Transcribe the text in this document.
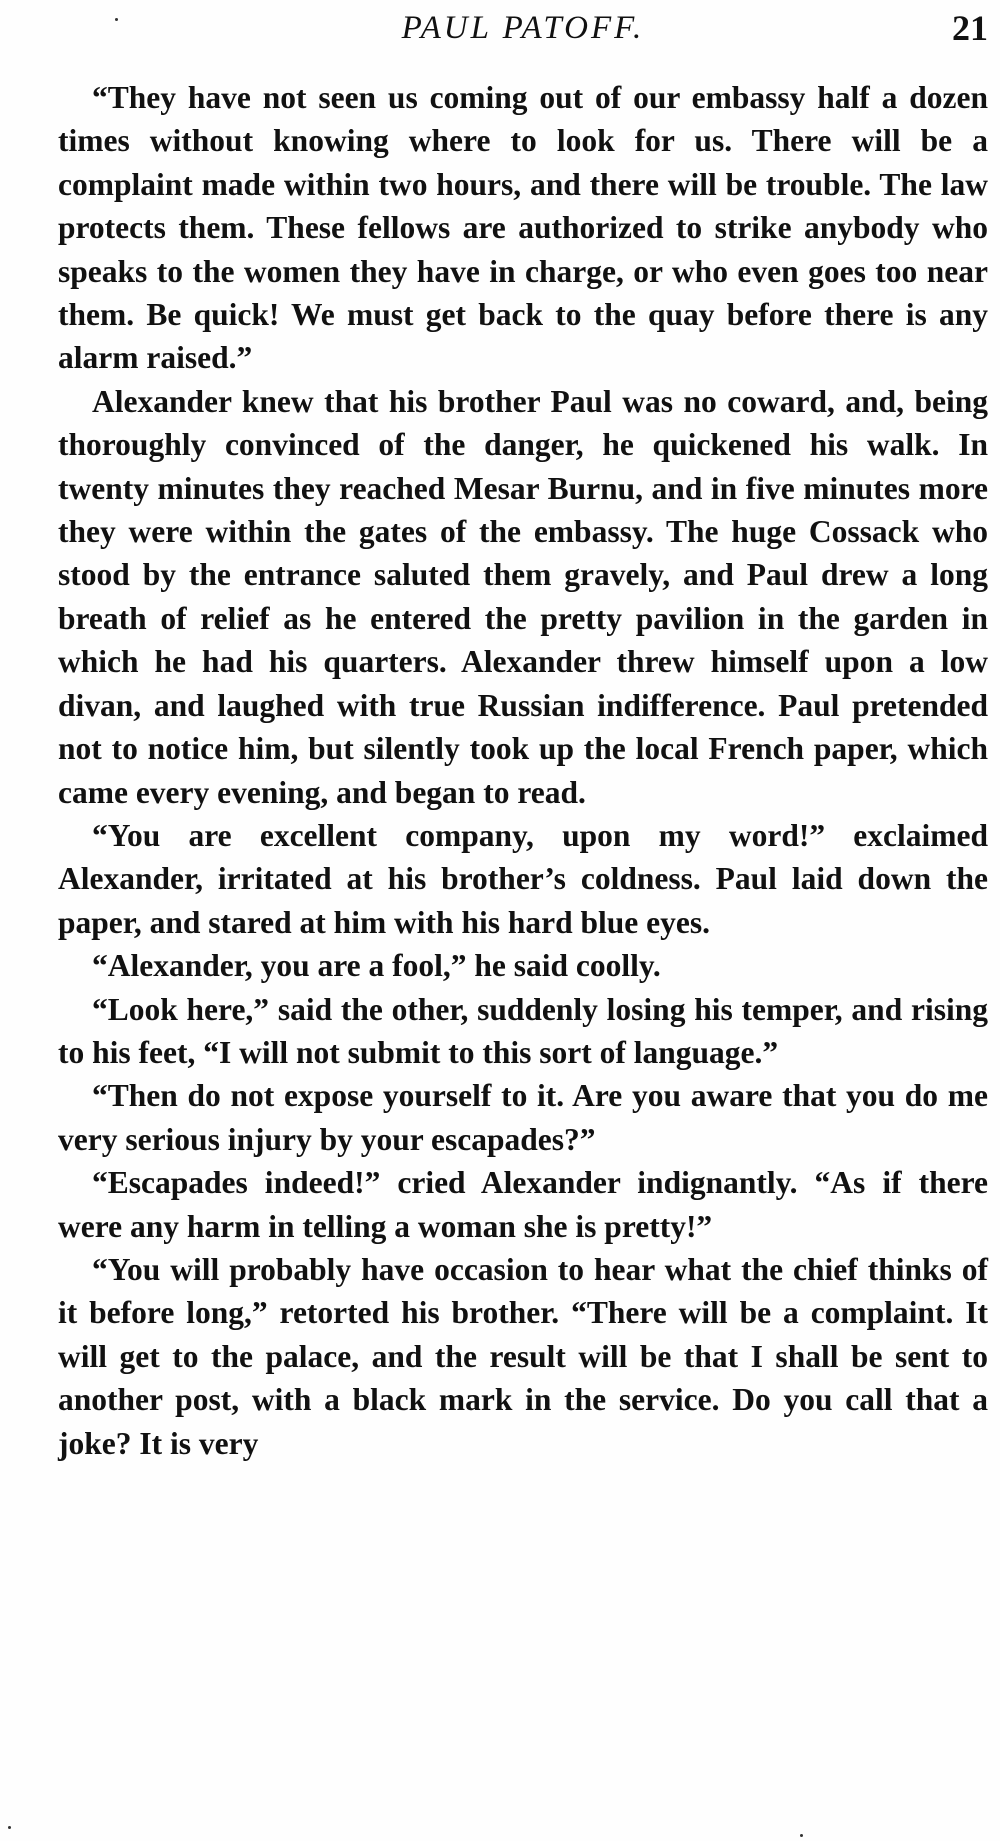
PAUL PATOFF.	21

“They have not seen us coming out of our embassy half a dozen times without knowing where to look for us. There will be a complaint made within two hours, and there will be trouble. The law protects them. These fellows are authorized to strike anybody who speaks to the women they have in charge, or who even goes too near them. Be quick! We must get back to the quay before there is any alarm raised.”

Alexander knew that his brother Paul was no coward, and, being thoroughly convinced of the danger, he quickened his walk. In twenty minutes they reached Mesar Burnu, and in five minutes more they were within the gates of the embassy. The huge Cossack who stood by the entrance saluted them gravely, and Paul drew a long breath of relief as he entered the pretty pavilion in the garden in which he had his quarters. Alexander threw himself upon a low divan, and laughed with true Russian indifference. Paul pretended not to notice him, but silently took up the local French paper, which came every evening, and began to read.

“You are excellent company, upon my word!” exclaimed Alexander, irritated at his brother’s coldness. Paul laid down the paper, and stared at him with his hard blue eyes.

“Alexander, you are a fool,” he said coolly.

“Look here,” said the other, suddenly losing his temper, and rising to his feet, “I will not submit to this sort of language.”

“Then do not expose yourself to it. Are you aware that you do me very serious injury by your escapades?”

“Escapades indeed!” cried Alexander indignantly. “As if there were any harm in telling a woman she is pretty!”

“You will probably have occasion to hear what the chief thinks of it before long,” retorted his brother. “There will be a complaint. It will get to the palace, and the result will be that I shall be sent to another post, with a black mark in the service. Do you call that a joke? It is very
